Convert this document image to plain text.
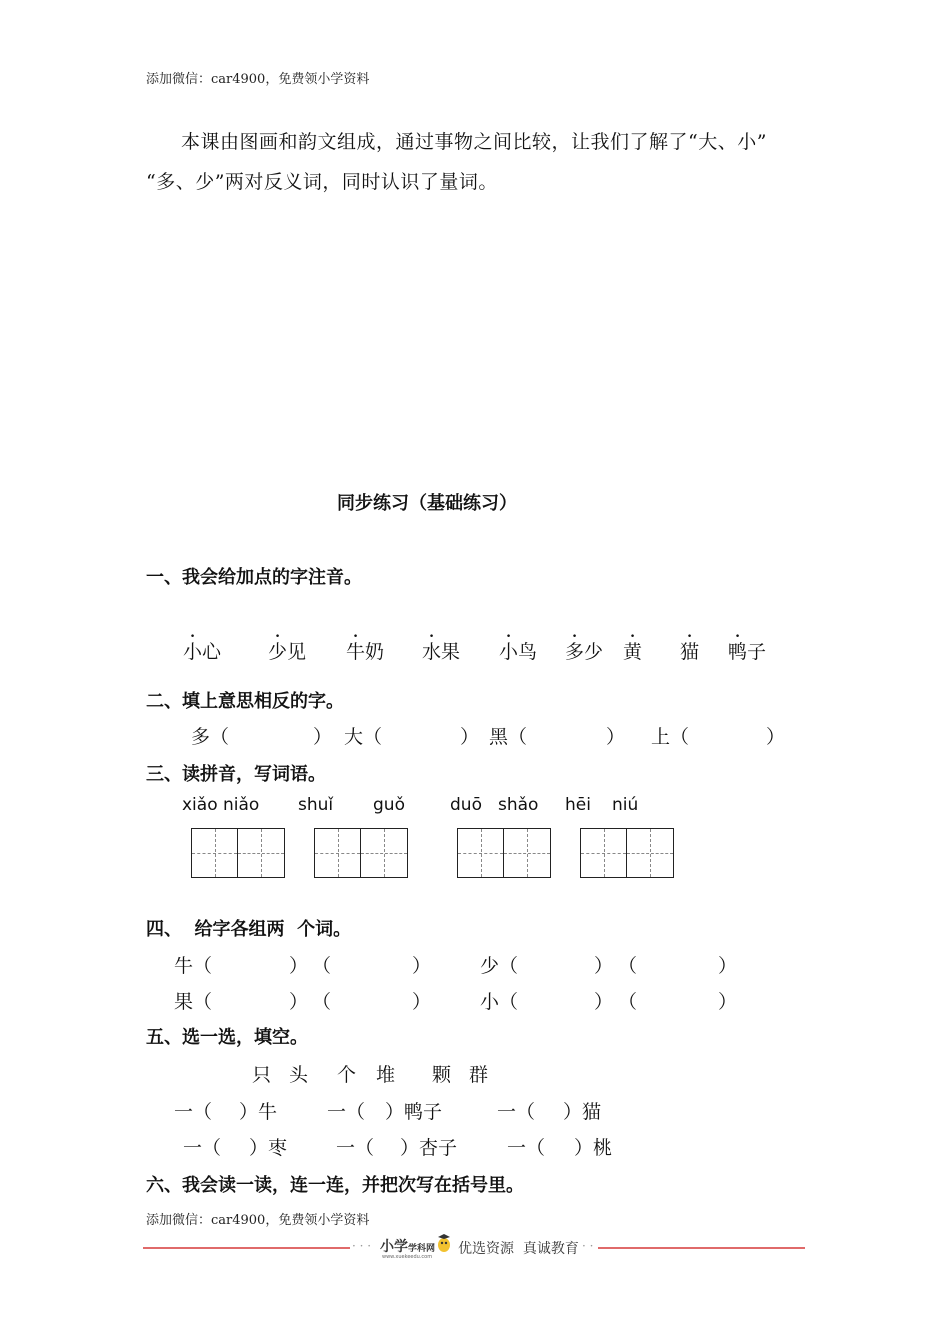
添加微信：car4900，免费领小学资料
本课由图画和韵文组成，通过事物之间比较，让我们了解了“大、小”
“多、少”两对反义词，同时认识了量词。
同步练习（基础练习）
一、我会给加点的字注音。
.
小心
.
少见
.
牛奶
.
水果
.
小鸟
.
多少
.
黄
.
猫
.
鸭子
二、填上意思相反的字。
多（	） 大（	） 黑（	） 上（	）
三、读拼音，写词语。
xiǎo niǎo shuǐ guǒ	duō shǎo hēi niú
四、  给字各组两  个词。
牛（	） （	）	少（	） （	）
果（	） （	）	小（	） （	）
五、选一选，填空。
只 头 个 堆 颗 群
一（ ）牛	一（ ）鸭子	一（ ）猫
一（ ）枣	一（ ）杏子	一（ ）桃
六、我会读一读，连一连，并把次写在括号里。
添加微信：car4900，免费领小学资料
· · · 小学学科网
www.xuekeedu.com 优选资源  真诚教育 · ·
